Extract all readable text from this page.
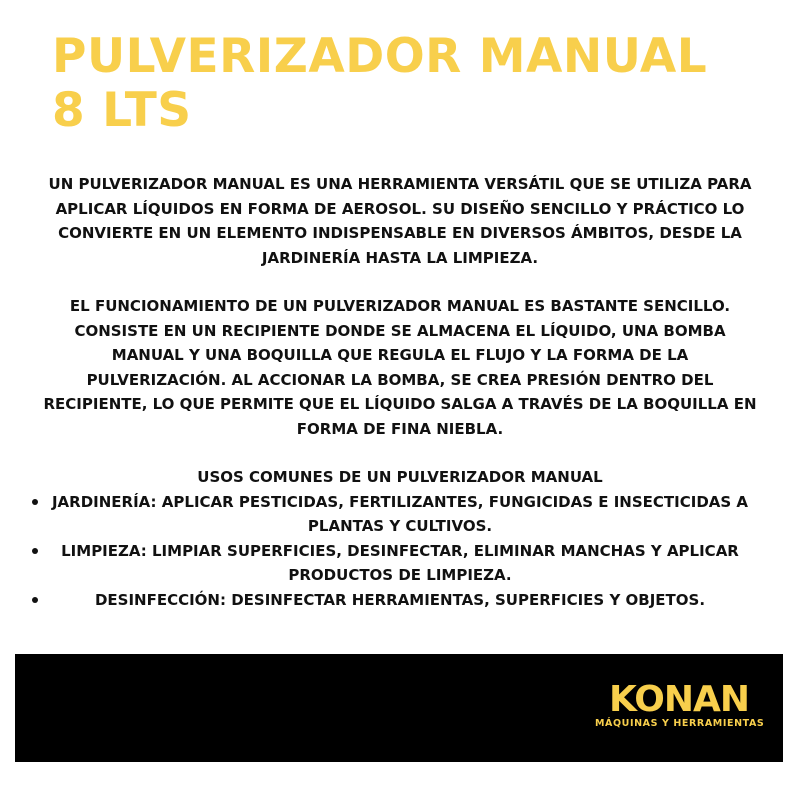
PULVERIZADOR MANUAL
8 LTS

UN PULVERIZADOR MANUAL ES UNA HERRAMIENTA VERSÁTIL QUE SE UTILIZA PARA
APLICAR LÍQUIDOS EN FORMA DE AEROSOL. SU DISEÑO SENCILLO Y PRÁCTICO LO
CONVIERTE EN UN ELEMENTO INDISPENSABLE EN DIVERSOS ÁMBITOS, DESDE LA
JARDINERÍA HASTA LA LIMPIEZA.

EL FUNCIONAMIENTO DE UN PULVERIZADOR MANUAL ES BASTANTE SENCILLO.
CONSISTE EN UN RECIPIENTE DONDE SE ALMACENA EL LÍQUIDO, UNA BOMBA
MANUAL Y UNA BOQUILLA QUE REGULA EL FLUJO Y LA FORMA DE LA
PULVERIZACIÓN. AL ACCIONAR LA BOMBA, SE CREA PRESIÓN DENTRO DEL
RECIPIENTE, LO QUE PERMITE QUE EL LÍQUIDO SALGA A TRAVÉS DE LA BOQUILLA EN
FORMA DE FINA NIEBLA.

USOS COMUNES DE UN PULVERIZADOR MANUAL

JARDINERÍA: APLICAR PESTICIDAS, FERTILIZANTES, FUNGICIDAS E INSECTICIDAS A
PLANTAS Y CULTIVOS.
LIMPIEZA: LIMPIAR SUPERFICIES, DESINFECTAR, ELIMINAR MANCHAS Y APLICAR
PRODUCTOS DE LIMPIEZA.
DESINFECCIÓN: DESINFECTAR HERRAMIENTAS, SUPERFICIES Y OBJETOS.
KONAN
MÁQUINAS Y HERRAMIENTAS
